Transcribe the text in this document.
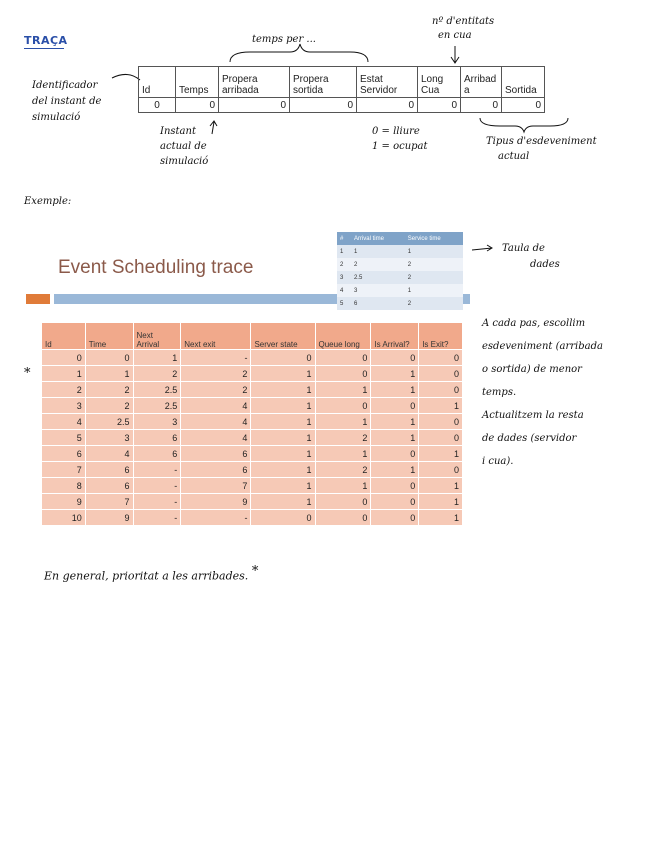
TRAÇA	temps per ...
nº d'entitats
en cua
Identificador
del instant de
simulació
Id	Temps	Propera arribada	Propera sortida	Estat Servidor	Long Cua	Arribad a	Sortida
0	0	0	0	0	0	0	0
Instant
actual de
simulació
0 = lliure
1 = ocupat	Tipus d'esdeveniment
actual
Exemple:
Event Scheduling trace
#	Arrival time	Service time
1	1	1
2	2	2
3	2.5	2
4	3	1
5	6	2
Id	Time	Next Arrival	Next exit	Server state	Queue long	Is Arrival?	Is Exit?
0	0	1	-	0	0	0	0
1	1	2	2	1	0	1	0
2	2	2.5	2	1	1	1	0
3	2	2.5	4	1	0	0	1
4	2.5	3	4	1	1	1	0
5	3	6	4	1	2	1	0
6	4	6	6	1	1	0	1
7	6	-	6	1	2	1	0
8	6	-	7	1	1	0	1
9	7	-	9	1	0	0	1
10	9	-	-	0	0	0	1
*
Taula de
dades
A cada pas, escollim
esdeveniment (arribada
o sortida) de menor
temps.
Actualitzem la resta
de dades (servidor
i cua).
En general, prioritat a les arribades. *
